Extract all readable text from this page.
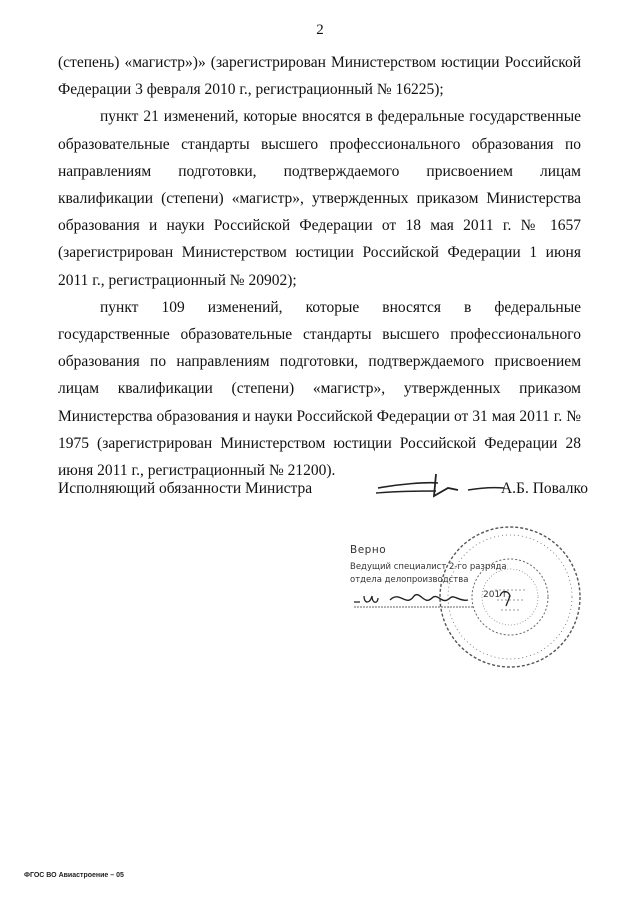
2

(степень) «магистр»)» (зарегистрирован Министерством юстиции Российской Федерации 3 февраля 2010 г., регистрационный № 16225);

пункт 21 изменений, которые вносятся в федеральные государственные образовательные стандарты высшего профессионального образования по направлениям подготовки, подтверждаемого присвоением лицам квалификации (степени) «магистр», утвержденных приказом Министерства образования и науки Российской Федерации от 18 мая 2011 г. № 1657 (зарегистрирован Министерством юстиции Российской Федерации 1 июня 2011 г., регистрационный № 20902);

пункт 109 изменений, которые вносятся в федеральные государственные образовательные стандарты высшего профессионального образования по направлениям подготовки, подтверждаемого присвоением лицам квалификации (степени) «магистр», утвержденных приказом Министерства образования и науки Российской Федерации от 31 мая 2011 г. № 1975 (зарегистрирован Министерством юстиции Российской Федерации 28 июня 2011 г., регистрационный № 21200).

Исполняющий обязанности Министра	А.Б. Повалко
Верно
Ведущий специалист 2-го разряда
отдела делопроизводства
201 г.
ФГОС ВО Авиастроение – 05
